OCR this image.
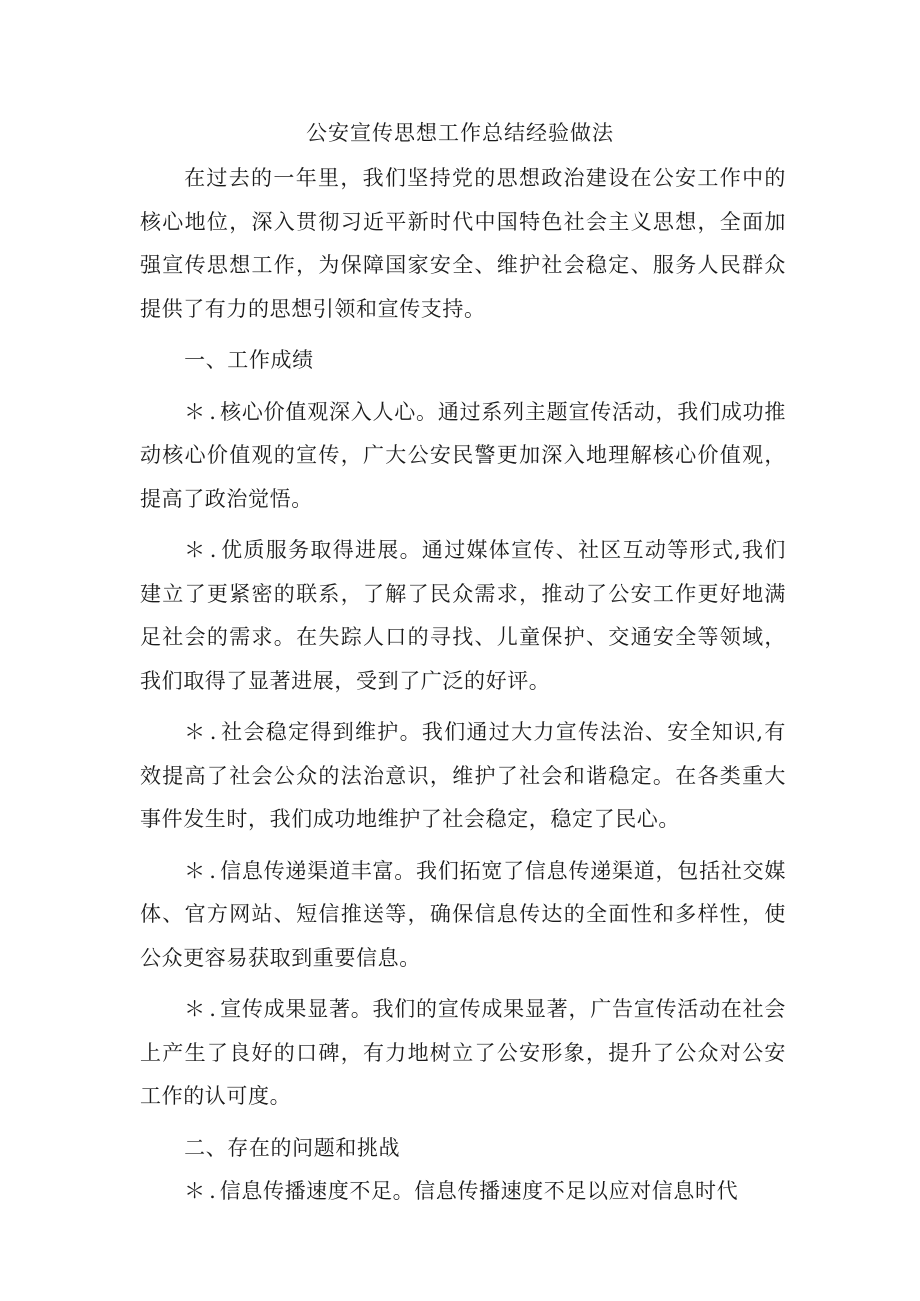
公安宣传思想工作总结经验做法

在过去的一年里，我们坚持党的思想政治建设在公安工作中的核心地位，深入贯彻习近平新时代中国特色社会主义思想，全面加强宣传思想工作，为保障国家安全、维护社会稳定、服务人民群众提供了有力的思想引领和宣传支持。

一、工作成绩

＊.核心价值观深入人心。通过系列主题宣传活动，我们成功推动核心价值观的宣传，广大公安民警更加深入地理解核心价值观，提高了政治觉悟。

＊.优质服务取得进展。通过媒体宣传、社区互动等形式,我们建立了更紧密的联系，了解了民众需求，推动了公安工作更好地满足社会的需求。在失踪人口的寻找、儿童保护、交通安全等领域，我们取得了显著进展，受到了广泛的好评。

＊.社会稳定得到维护。我们通过大力宣传法治、安全知识,有效提高了社会公众的法治意识，维护了社会和谐稳定。在各类重大事件发生时，我们成功地维护了社会稳定，稳定了民心。

＊.信息传递渠道丰富。我们拓宽了信息传递渠道，包括社交媒体、官方网站、短信推送等，确保信息传达的全面性和多样性，使公众更容易获取到重要信息。

＊.宣传成果显著。我们的宣传成果显著，广告宣传活动在社会上产生了良好的口碑，有力地树立了公安形象，提升了公众对公安工作的认可度。

二、存在的问题和挑战

＊.信息传播速度不足。信息传播速度不足以应对信息时代
